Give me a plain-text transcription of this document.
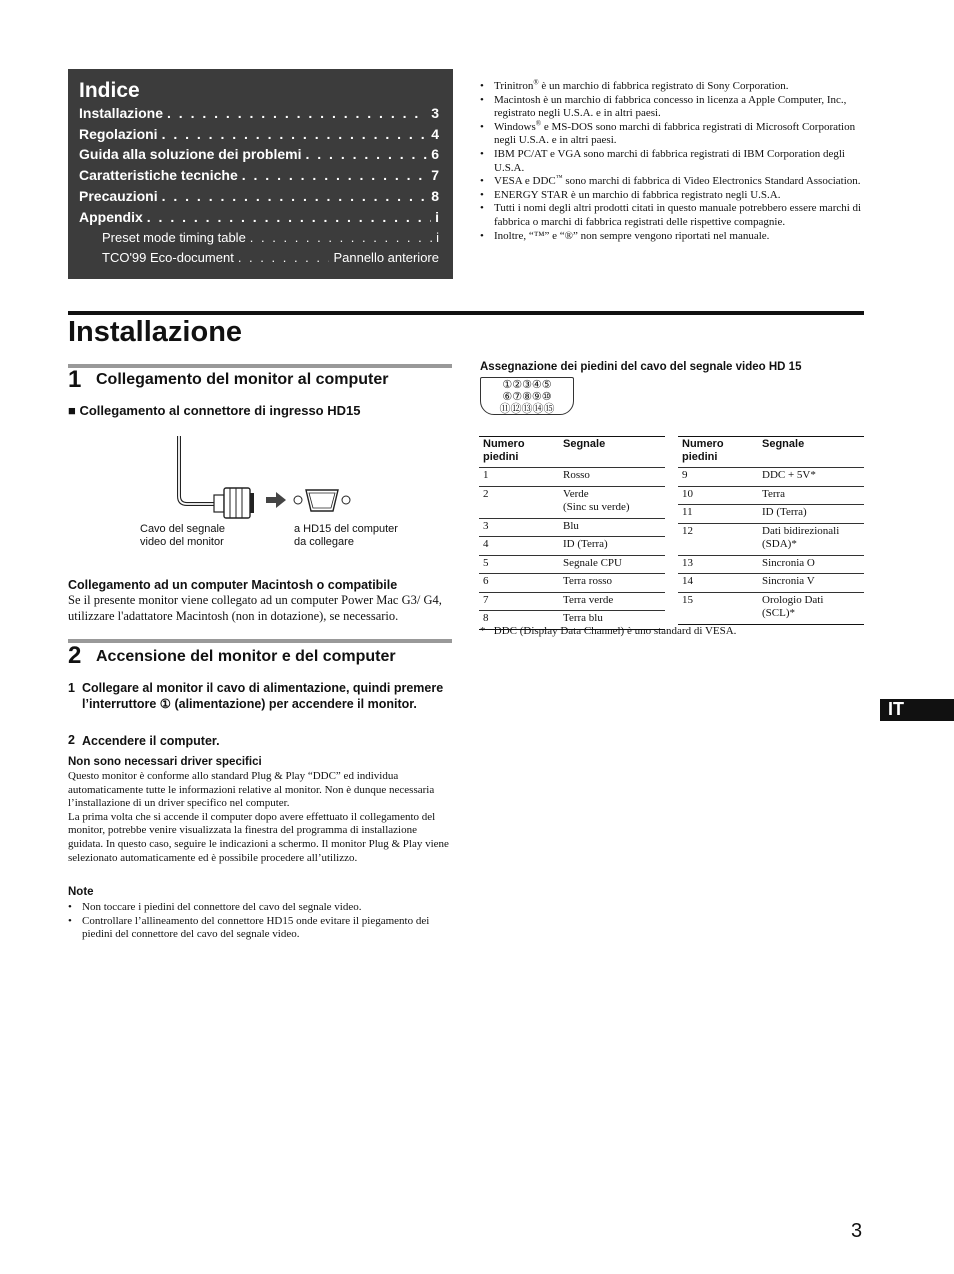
Indice
Installazione . . .	3
Regolazioni . . .	4
Guida alla soluzione dei problemi . . .	6
Caratteristiche tecniche . . .	7
Precauzioni . . .	8
Appendix . . .	i
Preset mode timing table . . .	i
TCO'99 Eco-document . . .	Pannello anteriore
• Trinitron® è un marchio di fabbrica registrato di Sony Corporation.
• Macintosh è un marchio di fabbrica concesso in licenza a Apple Computer, Inc., registrato negli U.S.A. e in altri paesi.
• Windows® e MS-DOS sono marchi di fabbrica registrati di Microsoft Corporation negli U.S.A. e in altri paesi.
• IBM PC/AT e VGA sono marchi di fabbrica registrati di IBM Corporation degli U.S.A.
• VESA e DDC™ sono marchi di fabbrica di Video Electronics Standard Association.
• ENERGY STAR è un marchio di fabbrica registrato negli U.S.A.
• Tutti i nomi degli altri prodotti citati in questo manuale potrebbero essere marchi di fabbrica o marchi di fabbrica registrati delle rispettive compagnie.
• Inoltre, “™” e “®” non sempre vengono riportati nel manuale.
Installazione
1 Collegamento del monitor al computer
■ Collegamento al connettore di ingresso HD15
Cavo del segnale
video del monitor
a HD15 del computer
da collegare
Collegamento ad un computer Macintosh o compatibile
Se il presente monitor viene collegato ad un computer Power Mac G3/ G4, utilizzare l'adattatore Macintosh (non in dotazione), se necessario.
2 Accensione del monitor e del computer
1 Collegare al monitor il cavo di alimentazione, quindi premere l’interruttore ① (alimentazione) per accendere il monitor.
2 Accendere il computer.
Non sono necessari driver specifici
Questo monitor è conforme allo standard Plug & Play “DDC” ed individua automaticamente tutte le informazioni relative al monitor. Non è dunque necessaria l’installazione di un driver specifico nel computer.
La prima volta che si accende il computer dopo avere effettuato il collegamento del monitor, potrebbe venire visualizzata la finestra del programma di installazione guidata. In questo caso, seguire le indicazioni a schermo. Il monitor Plug & Play viene selezionato automaticamente ed è possibile procedere all’utilizzo.
Note
• Non toccare i piedini del connettore del cavo del segnale video.
• Controllare l’allineamento del connettore HD15 onde evitare il piegamento dei piedini del connettore del cavo del segnale video.
Assegnazione dei piedini del cavo del segnale video HD 15
①②③④⑤
⑥⑦⑧⑨⑩
⑪⑫⑬⑭⑮
Numero
piedini	Segnale
1	Rosso
2	Verde
(Sinc su verde)
3	Blu
4	ID (Terra)
5	Segnale CPU
6	Terra rosso
7	Terra verde
8	Terra blu
Numero
piedini	Segnale
9	DDC + 5V*
10	Terra
11	ID (Terra)
12	Dati bidirezionali
(SDA)*
13	Sincronia O
14	Sincronia V
15	Orologio Dati
(SCL)*
*   DDC (Display Data Channel) è uno standard di VESA.
IT
3
